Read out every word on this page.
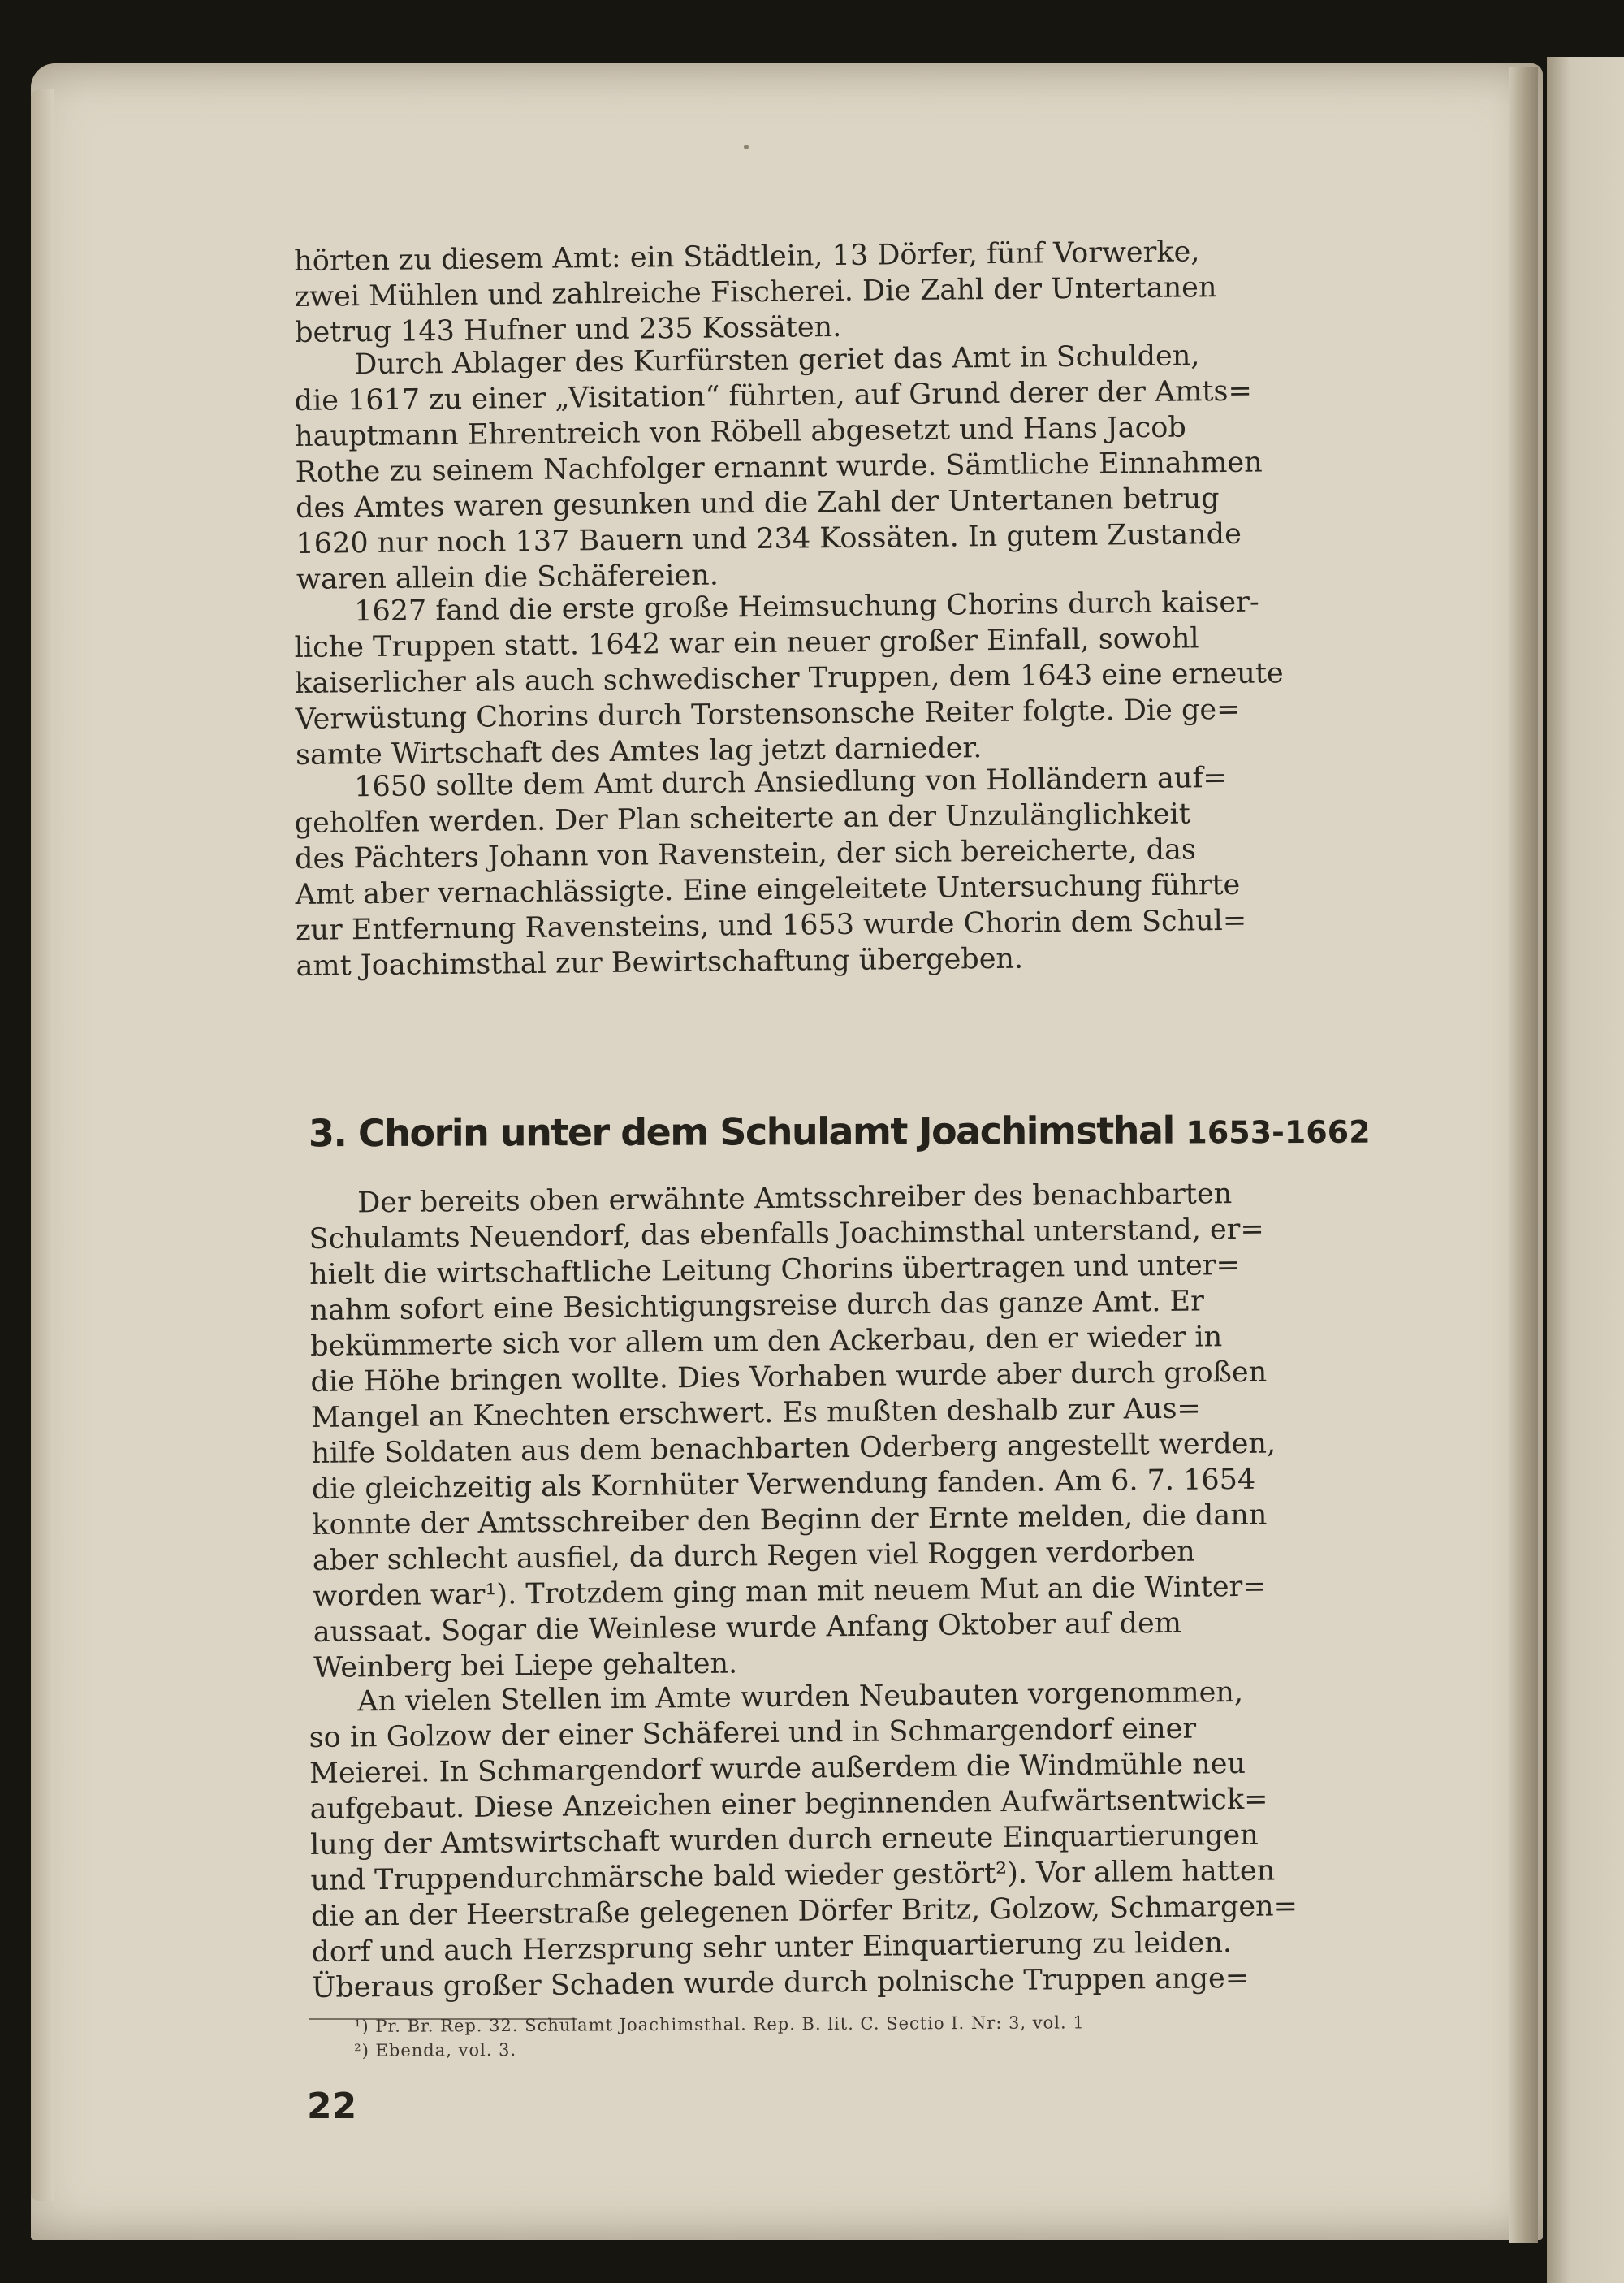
hörten zu diesem Amt: ein Städtlein, 13 Dörfer, fünf Vorwerke,
zwei Mühlen und zahlreiche Fischerei. Die Zahl der Untertanen
betrug 143 Hufner und 235 Kossäten.

Durch Ablager des Kurfürsten geriet das Amt in Schulden,
die 1617 zu einer „Visitation“ führten, auf Grund derer der Amts=
hauptmann Ehrentreich von Röbell abgesetzt und Hans Jacob
Rothe zu seinem Nachfolger ernannt wurde. Sämtliche Einnahmen
des Amtes waren gesunken und die Zahl der Untertanen betrug
1620 nur noch 137 Bauern und 234 Kossäten. In gutem Zustande
waren allein die Schäfereien.

1627 fand die erste große Heimsuchung Chorins durch kaiser-
liche Truppen statt. 1642 war ein neuer großer Einfall, sowohl
kaiserlicher als auch schwedischer Truppen, dem 1643 eine erneute
Verwüstung Chorins durch Torstensonsche Reiter folgte. Die ge=
samte Wirtschaft des Amtes lag jetzt darnieder.

1650 sollte dem Amt durch Ansiedlung von Holländern auf=
geholfen werden. Der Plan scheiterte an der Unzulänglichkeit
des Pächters Johann von Ravenstein, der sich bereicherte, das
Amt aber vernachlässigte. Eine eingeleitete Untersuchung führte
zur Entfernung Ravensteins, und 1653 wurde Chorin dem Schul=
amt Joachimsthal zur Bewirtschaftung übergeben.

3. Chorin unter dem Schulamt Joachimsthal 1653-1662

Der bereits oben erwähnte Amtsschreiber des benachbarten
Schulamts Neuendorf, das ebenfalls Joachimsthal unterstand, er=
hielt die wirtschaftliche Leitung Chorins übertragen und unter=
nahm sofort eine Besichtigungsreise durch das ganze Amt. Er
bekümmerte sich vor allem um den Ackerbau, den er wieder in
die Höhe bringen wollte. Dies Vorhaben wurde aber durch großen
Mangel an Knechten erschwert. Es mußten deshalb zur Aus=
hilfe Soldaten aus dem benachbarten Oderberg angestellt werden,
die gleichzeitig als Kornhüter Verwendung fanden. Am 6. 7. 1654
konnte der Amtsschreiber den Beginn der Ernte melden, die dann
aber schlecht ausfiel, da durch Regen viel Roggen verdorben
worden war¹). Trotzdem ging man mit neuem Mut an die Winter=
aussaat. Sogar die Weinlese wurde Anfang Oktober auf dem
Weinberg bei Liepe gehalten.

An vielen Stellen im Amte wurden Neubauten vorgenommen,
so in Golzow der einer Schäferei und in Schmargendorf einer
Meierei. In Schmargendorf wurde außerdem die Windmühle neu
aufgebaut. Diese Anzeichen einer beginnenden Aufwärtsentwick=
lung der Amtswirtschaft wurden durch erneute Einquartierungen
und Truppendurchmärsche bald wieder gestört²). Vor allem hatten
die an der Heerstraße gelegenen Dörfer Britz, Golzow, Schmargen=
dorf und auch Herzsprung sehr unter Einquartierung zu leiden.
Überaus großer Schaden wurde durch polnische Truppen ange=

¹) Pr. Br. Rep. 32. Schulamt Joachimsthal. Rep. B. lit. C. Sectio I. Nr: 3, vol. 1

²) Ebenda, vol. 3.

22
